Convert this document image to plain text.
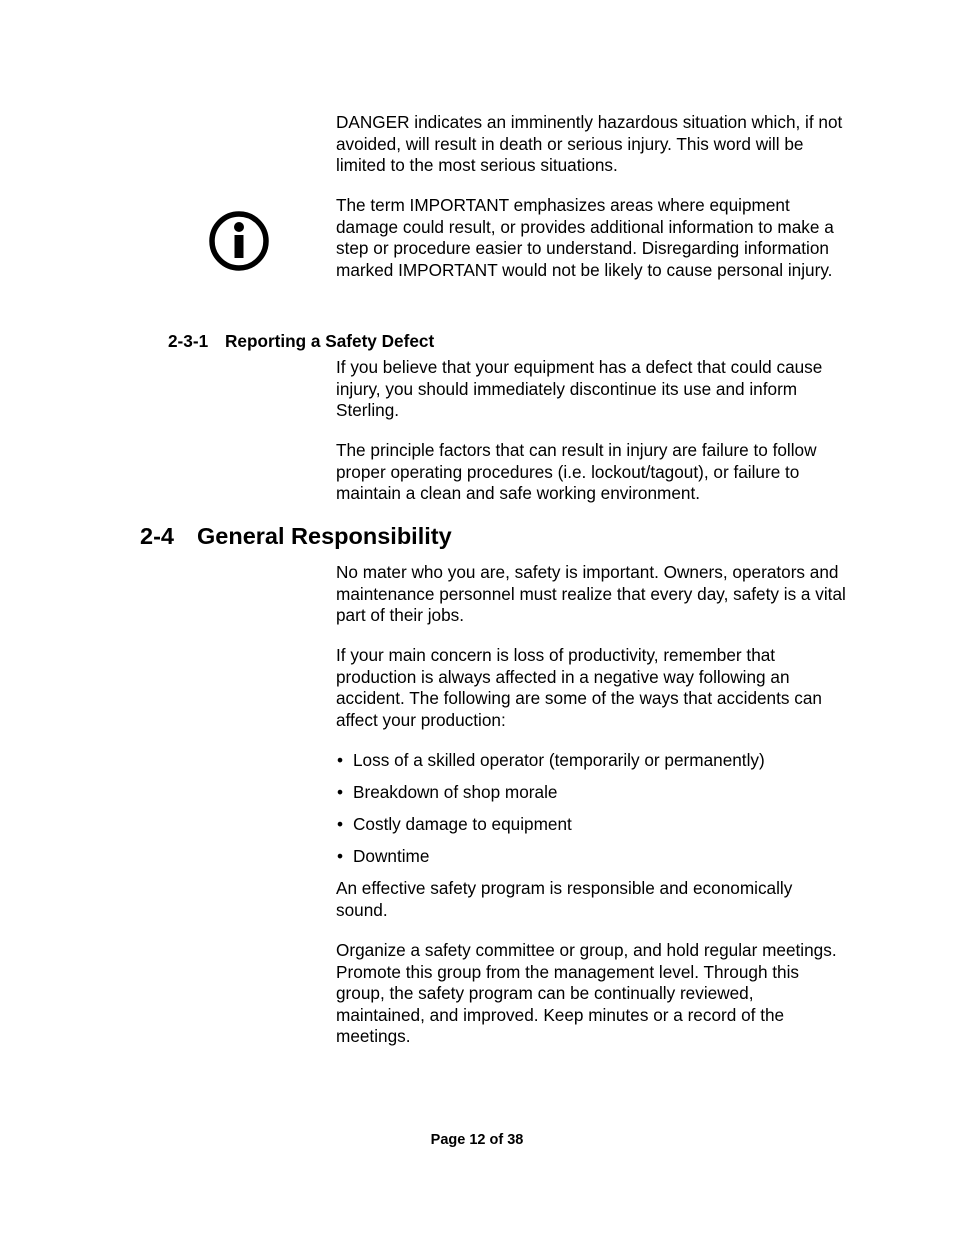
DANGER indicates an imminently hazardous situation which, if not avoided, will result in death or serious injury. This word will be limited to the most serious situations.

The term IMPORTANT emphasizes areas where equipment damage could result, or provides additional information to make a step or procedure easier to understand. Disregarding information marked IMPORTANT would not be likely to cause personal injury.

2-3-1 Reporting a Safety Defect

If you believe that your equipment has a defect that could cause injury, you should immediately discontinue its use and inform Sterling.

The principle factors that can result in injury are failure to follow proper operating procedures (i.e. lockout/tagout), or failure to maintain a clean and safe working environment.

2-4 General Responsibility

No mater who you are, safety is important. Owners, operators and maintenance personnel must realize that every day, safety is a vital part of their jobs.

If your main concern is loss of productivity, remember that production is always affected in a negative way following an accident. The following are some of the ways that accidents can affect your production:

• Loss of a skilled operator (temporarily or permanently)
• Breakdown of shop morale
• Costly damage to equipment
• Downtime

An effective safety program is responsible and economically sound.

Organize a safety committee or group, and hold regular meetings. Promote this group from the management level. Through this group, the safety program can be continually reviewed, maintained, and improved. Keep minutes or a record of the meetings.

Page 12 of 38
